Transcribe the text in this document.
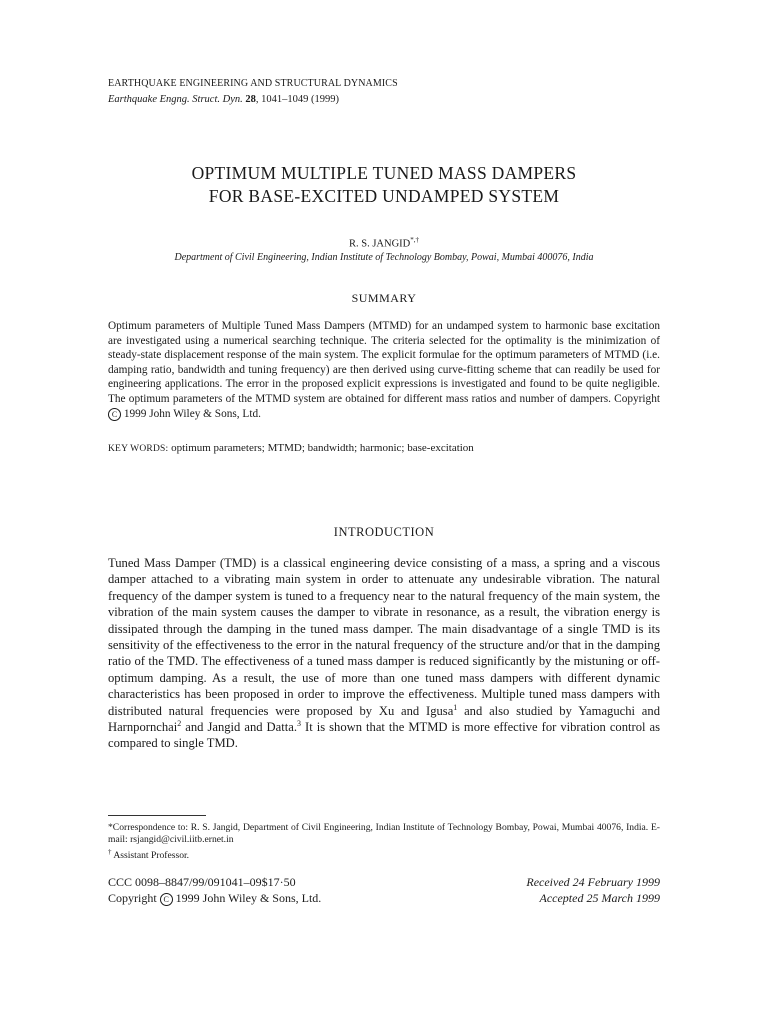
EARTHQUAKE ENGINEERING AND STRUCTURAL DYNAMICS
Earthquake Engng. Struct. Dyn. 28, 1041–1049 (1999)
OPTIMUM MULTIPLE TUNED MASS DAMPERS
FOR BASE-EXCITED UNDAMPED SYSTEM
R. S. JANGID*,†
Department of Civil Engineering, Indian Institute of Technology Bombay, Powai, Mumbai 400076, India
SUMMARY

Optimum parameters of Multiple Tuned Mass Dampers (MTMD) for an undamped system to harmonic base excitation are investigated using a numerical searching technique. The criteria selected for the optimality is the minimization of steady-state displacement response of the main system. The explicit formulae for the optimum parameters of MTMD (i.e. damping ratio, bandwidth and tuning frequency) are then derived using curve-fitting scheme that can readily be used for engineering applications. The error in the proposed explicit expressions is investigated and found to be quite negligible. The optimum parameters of the MTMD system are obtained for different mass ratios and number of dampers. Copyright C 1999 John Wiley & Sons, Ltd.

KEY WORDS: optimum parameters; MTMD; bandwidth; harmonic; base-excitation
INTRODUCTION

Tuned Mass Damper (TMD) is a classical engineering device consisting of a mass, a spring and a viscous damper attached to a vibrating main system in order to attenuate any undesirable vibration. The natural frequency of the damper system is tuned to a frequency near to the natural frequency of the main system, the vibration of the main system causes the damper to vibrate in resonance, as a result, the vibration energy is dissipated through the damping in the tuned mass damper. The main disadvantage of a single TMD is its sensitivity of the effectiveness to the error in the natural frequency of the structure and/or that in the damping ratio of the TMD. The effectiveness of a tuned mass damper is reduced significantly by the mistuning or off-optimum damping. As a result, the use of more than one tuned mass dampers with different dynamic characteristics has been proposed in order to improve the effectiveness. Multiple tuned mass dampers with distributed natural frequencies were proposed by Xu and Igusa$^1$ and also studied by Yamaguchi and Harnpornchai$^2$ and Jangid and Datta.$^3$ It is shown that the MTMD is more effective for vibration control as compared to single TMD.

*Correspondence to: R. S. Jangid, Department of Civil Engineering, Indian Institute of Technology Bombay, Powai, Mumbai 40076, India. E-mail: rsjangid@civil.iitb.ernet.in

† Assistant Professor.
CCC 0098–8847/99/091041–09$17·50
Copyright C 1999 John Wiley & Sons, Ltd.
Received 24 February 1999
Accepted 25 March 1999
